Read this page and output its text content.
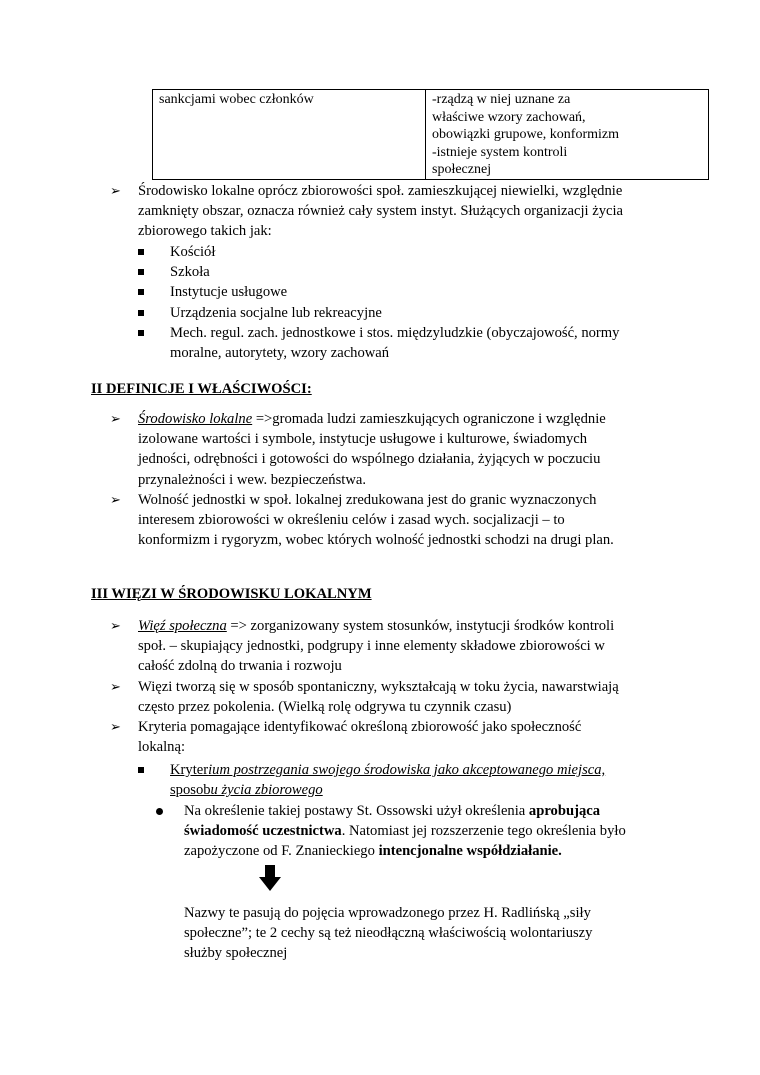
sankcjami wobec członków	-rządzą w niej uznane za
właściwe wzory zachowań,
obowiązki grupowe, konformizm
-istnieje system kontroli
społecznej
➢	Środowisko lokalne oprócz zbiorowości społ. zamieszkującej niewielki, względnie zamknięty obszar, oznacza również cały system instyt. Służących organizacji życia zbiorowego takich jak:
Kościół
Szkoła
Instytucje usługowe
Urządzenia socjalne lub rekreacyjne
Mech. regul. zach. jednostkowe i stos. międzyludzkie (obyczajowość, normy moralne, autorytety, wzory zachowań
II DEFINICJE I WŁAŚCIWOŚCI:
➢	Środowisko lokalne =>gromada ludzi zamieszkujących ograniczone i względnie izolowane wartości i symbole, instytucje usługowe i kulturowe, świadomych jedności, odrębności i gotowości do wspólnego działania, żyjących w poczuciu przynależności i wew. bezpieczeństwa.
➢	Wolność jednostki w społ. lokalnej zredukowana jest do granic wyznaczonych interesem zbiorowości w określeniu celów i zasad wych. socjalizacji – to konformizm i rygoryzm, wobec których wolność jednostki schodzi na drugi plan.
III WIĘZI W ŚRODOWISKU LOKALNYM
➢	Więź społeczna => zorganizowany system stosunków, instytucji środków kontroli społ. – skupiający jednostki, podgrupy i inne elementy składowe zbiorowości w całość zdolną do trwania i rozwoju
➢	Więzi tworzą się w sposób spontaniczny, wykształcają w toku życia, nawarstwiają często przez pokolenia. (Wielką rolę odgrywa tu czynnik czasu)
➢	Kryteria pomagające identyfikować określoną zbiorowość jako społeczność lokalną:
Kryterium postrzegania swojego środowiska jako akceptowanego miejsca,
sposobu życia zbiorowego
Na określenie takiej postawy St. Ossowski użył określenia aprobująca świadomość uczestnictwa. Natomiast jej rozszerzenie tego określenia było zapożyczone od F. Znanieckiego intencjonalne współdziałanie.
Nazwy te pasują do pojęcia wprowadzonego przez H. Radlińską „siły społeczne”; te 2 cechy są też nieodłączną właściwością wolontariuszy służby społecznej
